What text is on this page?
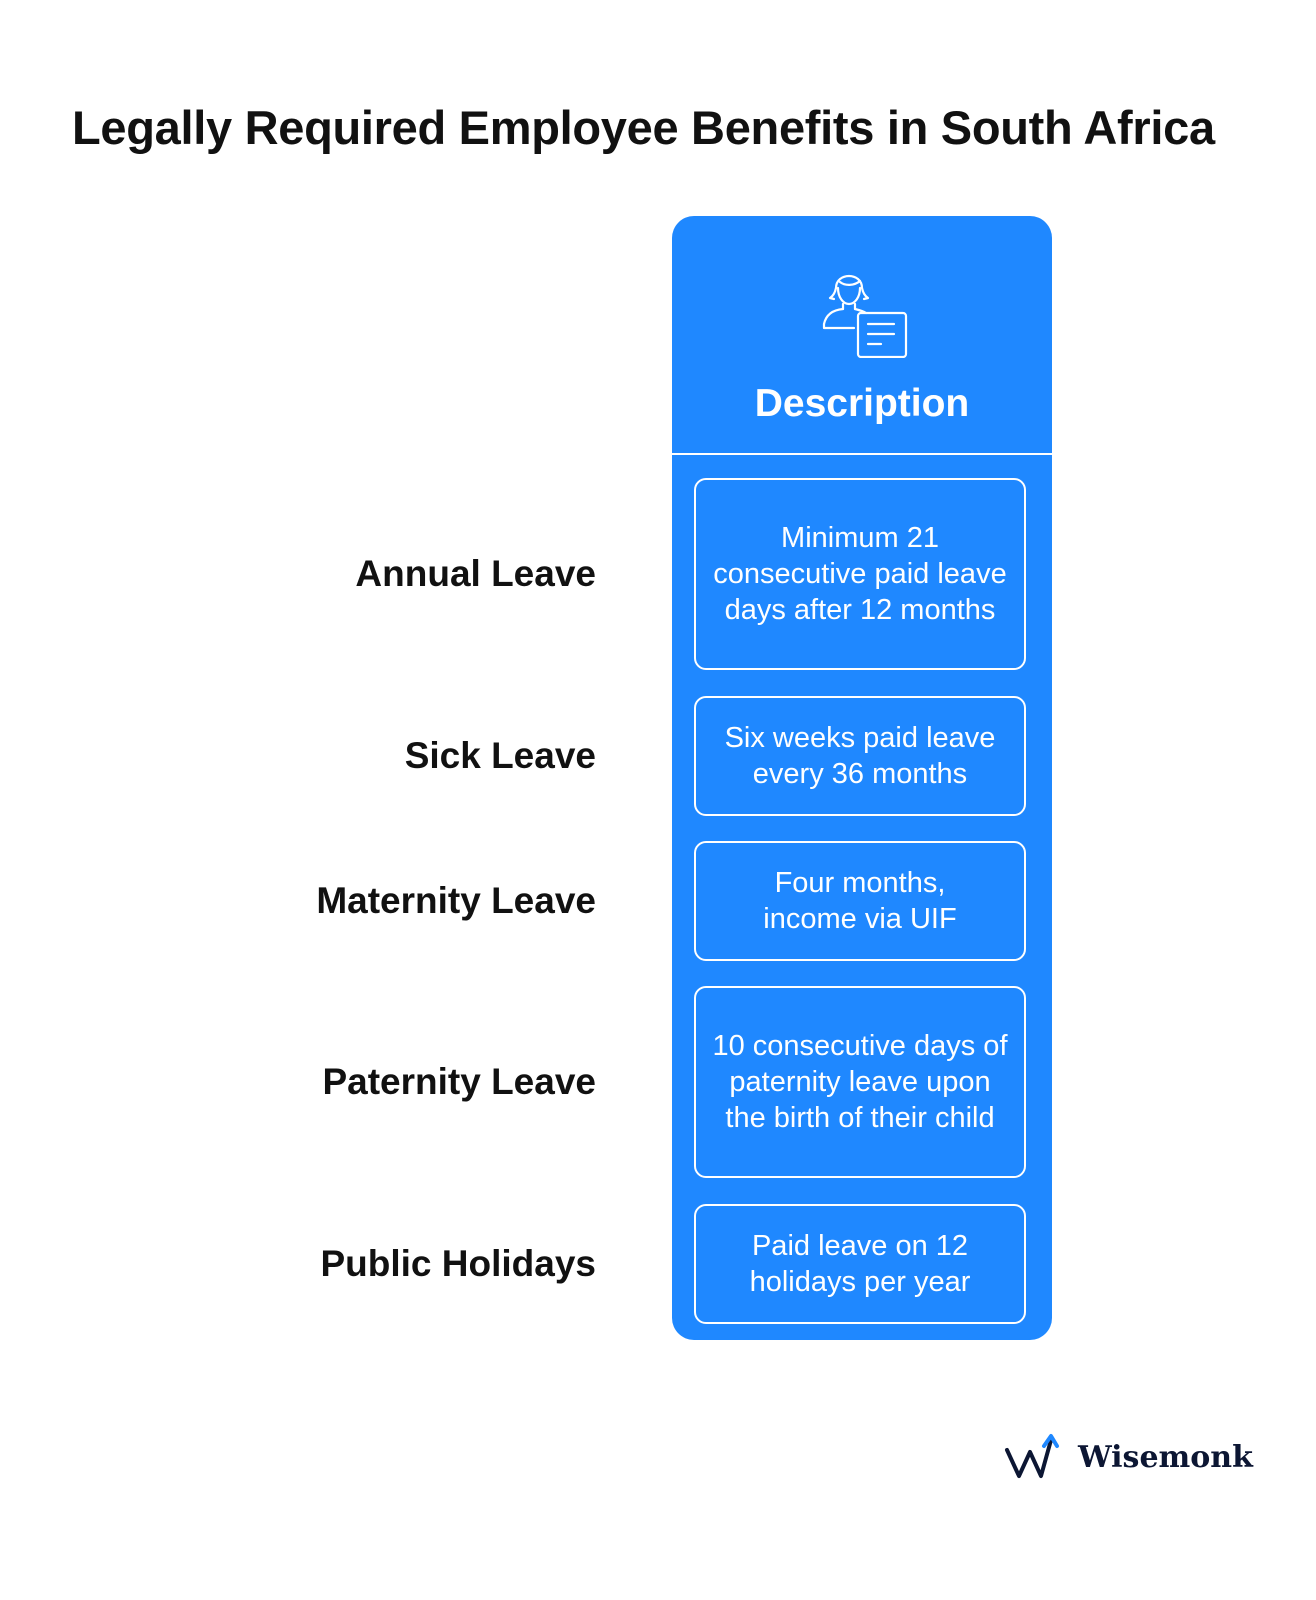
Legally Required Employee Benefits in South Africa
Description
Minimum 21 consecutive paid leave days after 12 months
Six weeks paid leave every 36 months
Four months, income via UIF
10 consecutive days of paternity leave upon the birth of their child
Paid leave on 12 holidays per year
Annual Leave
Sick Leave
Maternity Leave
Paternity Leave
Public Holidays
Wisemonk
